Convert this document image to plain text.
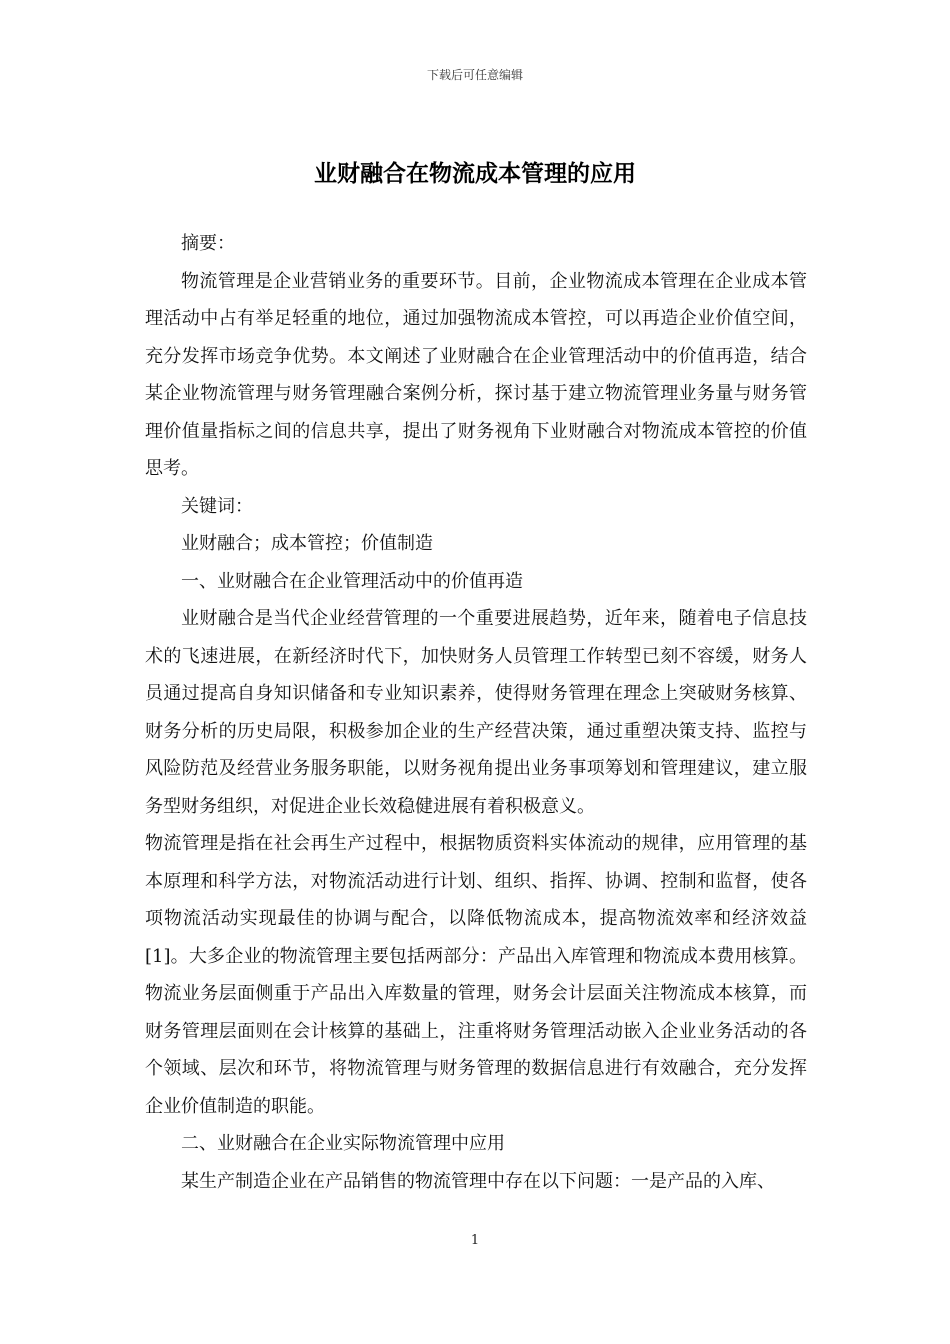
下载后可任意编辑
业财融合在物流成本管理的应用

摘要：

物流管理是企业营销业务的重要环节。目前，企业物流成本管理在企业成本管理活动中占有举足轻重的地位，通过加强物流成本管控，可以再造企业价值空间，充分发挥市场竞争优势。本文阐述了业财融合在企业管理活动中的价值再造，结合某企业物流管理与财务管理融合案例分析，探讨基于建立物流管理业务量与财务管理价值量指标之间的信息共享，提出了财务视角下业财融合对物流成本管控的价值思考。

关键词：

业财融合；成本管控；价值制造

一、业财融合在企业管理活动中的价值再造

业财融合是当代企业经营管理的一个重要进展趋势，近年来，随着电子信息技术的飞速进展，在新经济时代下，加快财务人员管理工作转型已刻不容缓，财务人员通过提高自身知识储备和专业知识素养，使得财务管理在理念上突破财务核算、财务分析的历史局限，积极参加企业的生产经营决策，通过重塑决策支持、监控与风险防范及经营业务服务职能，以财务视角提出业务事项筹划和管理建议，建立服务型财务组织，对促进企业长效稳健进展有着积极意义。

物流管理是指在社会再生产过程中，根据物质资料实体流动的规律，应用管理的基本原理和科学方法，对物流活动进行计划、组织、指挥、协调、控制和监督，使各项物流活动实现最佳的协调与配合，以降低物流成本，提高物流效率和经济效益[1]。大多企业的物流管理主要包括两部分：产品出入库管理和物流成本费用核算。物流业务层面侧重于产品出入库数量的管理，财务会计层面关注物流成本核算，而财务管理层面则在会计核算的基础上，注重将财务管理活动嵌入企业业务活动的各个领域、层次和环节，将物流管理与财务管理的数据信息进行有效融合，充分发挥企业价值制造的职能。

二、业财融合在企业实际物流管理中应用

某生产制造企业在产品销售的物流管理中存在以下问题：一是产品的入库、

1
